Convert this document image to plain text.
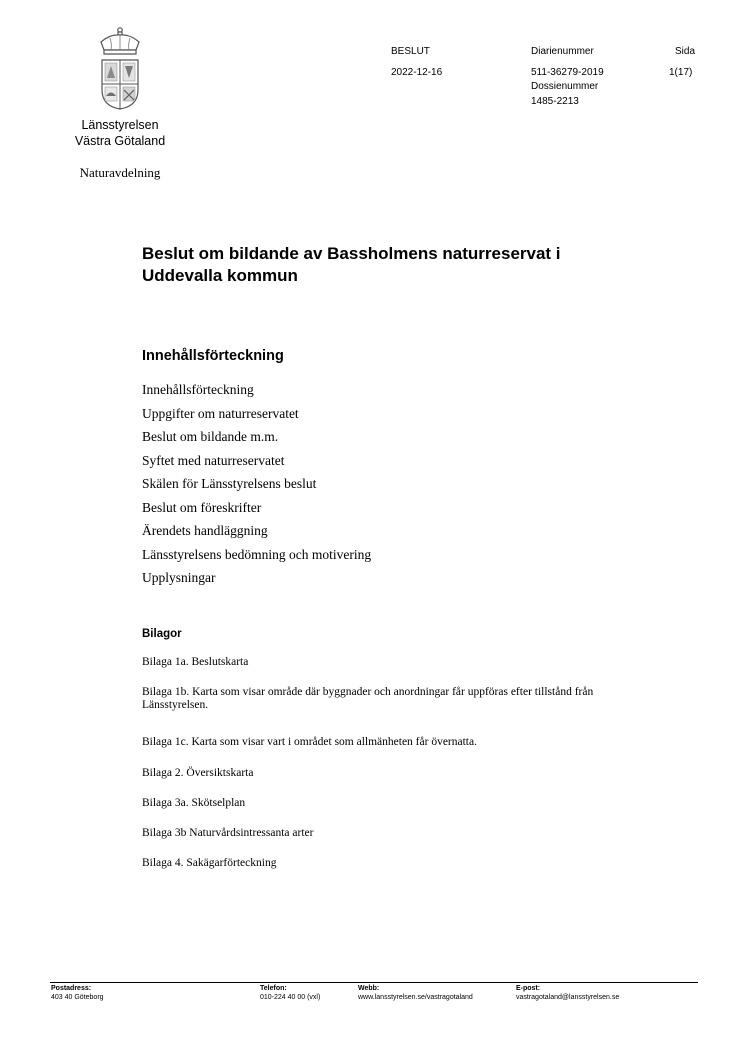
Länsstyrelsen
Västra Götaland
Naturavdelning
BESLUT
2022-12-16
Diarienummer
511-36279-2019
Dossienummer
1485-2213
Sida
1(17)
Beslut om bildande av Bassholmens naturreservat i Uddevalla kommun
Innehållsförteckning
Innehållsförteckning
Uppgifter om naturreservatet
Beslut om bildande m.m.
Syftet med naturreservatet
Skälen för Länsstyrelsens beslut
Beslut om föreskrifter
Ärendets handläggning
Länsstyrelsens bedömning och motivering
Upplysningar
Bilagor
Bilaga 1a. Beslutskarta
Bilaga 1b. Karta som visar område där byggnader och anordningar får uppföras efter tillstånd från Länsstyrelsen.
Bilaga 1c. Karta som visar vart i området som allmänheten får övernatta.
Bilaga 2. Översiktskarta
Bilaga 3a. Skötselplan
Bilaga 3b Naturvårdsintressanta arter
Bilaga 4. Sakägarförteckning
Postadress:
403 40 Göteborg
Telefon:
010-224 40 00 (vxl)
Webb:
www.lansstyrelsen.se/vastragotaland
E-post:
vastragotaland@lansstyrelsen.se
